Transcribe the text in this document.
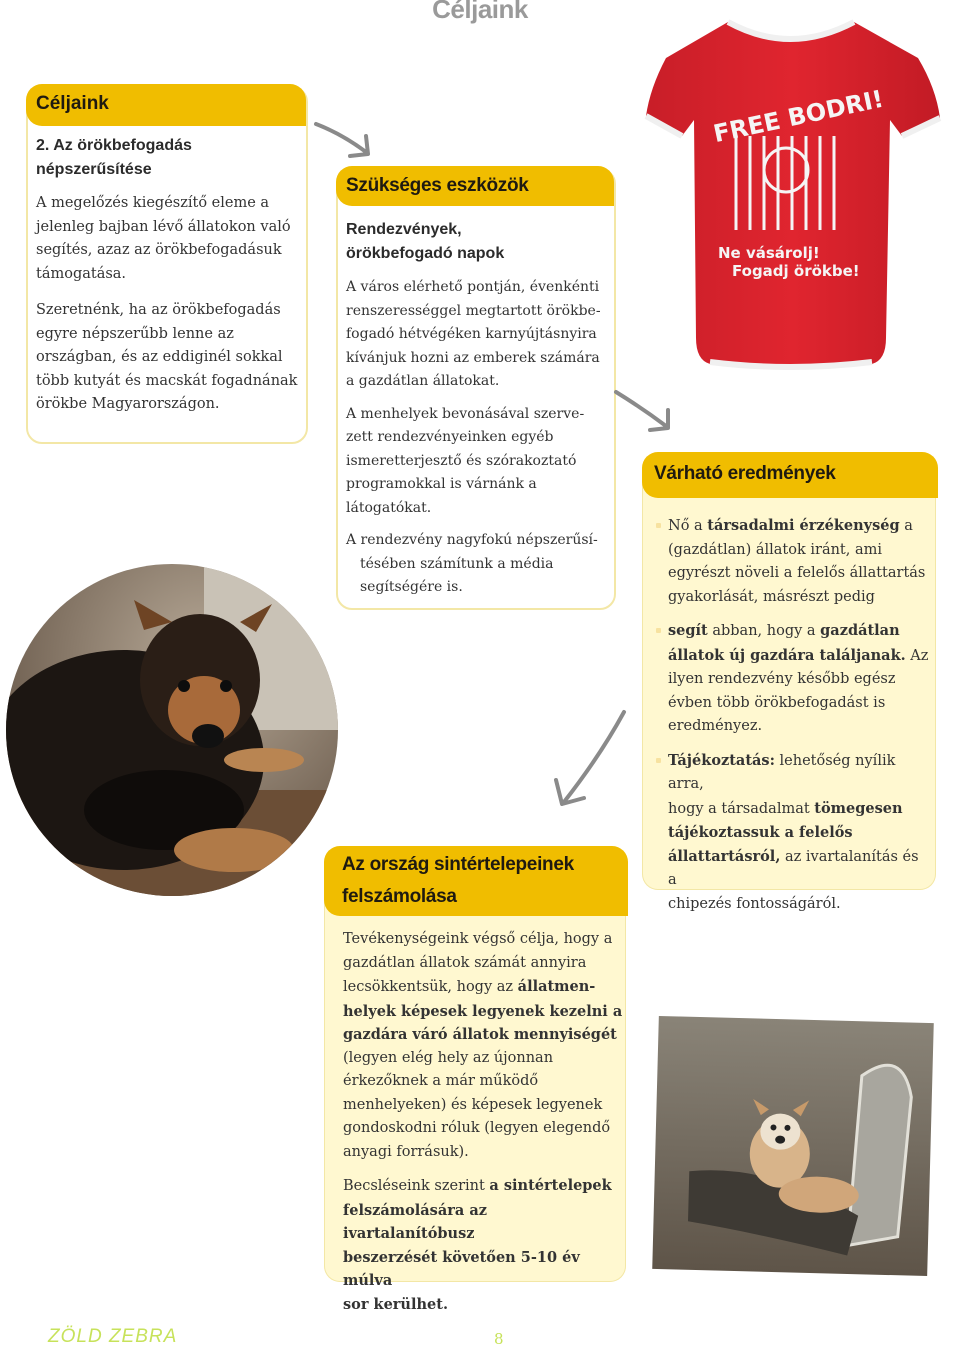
Céljaink
Céljaink
2. Az örökbefogadás
népszerűsítése
A megelőzés kiegészítő eleme a
jelenleg bajban lévő állatokon való
segítés, azaz az örökbefogadásuk
támogatása.
Szeretnénk, ha az örökbefogadás
egyre népszerűbb lenne az
országban, és az eddiginél sokkal
több kutyát és macskát fogadnának
örökbe Magyarországon.
Szükséges eszközök
Rendezvények,
örökbefogadó napok
A város elérhető pontján, évenkénti
renszerességgel megtartott örökbe-
fogadó hétvégéken karnyújtásnyira
kívánjuk hozni az emberek számára
a gazdátlan állatokat.
A menhelyek bevonásával szerve-
zett rendezvényeinken egyéb
ismeretterjesztő és szórakoztató
programokkal is várnánk a
látogatókat.
A rendezvény nagyfokú népszerűsí-
tésében számítunk a média
segítségére is.
FREE BODRI!
Ne vásárolj!
Fogadj örökbe!
Várható eredmények
Nő a társadalmi érzékenység a
(gazdátlan) állatok iránt, ami
egyrészt növeli a felelős állattartás
gyakorlását, másrészt pedig
segít abban, hogy a gazdátlan
állatok új gazdára találjanak. Az
ilyen rendezvény később egész
évben több örökbefogadást is
eredményez.
Tájékoztatás: lehetőség nyílik arra,
hogy a társadalmat tömegesen
tájékoztassuk a felelős
állattartásról, az ivartalanítás és a
chipezés fontosságáról.
Az ország sintértelepeinek
felszámolása
Tevékenységeink végső célja, hogy a
gazdátlan állatok számát annyira
lecsökkentsük, hogy az állatmen-
helyek képesek legyenek kezelni a
gazdára váró állatok mennyiségét
(legyen elég hely az újonnan
érkezőknek a már működő
menhelyeken) és képesek legyenek
gondoskodni róluk (legyen elegendő
anyagi forrásuk).
Becsléseink szerint a sintértelepek
felszámolására az ivartalanítóbusz
beszerzését követően 5-10 év múlva
sor kerülhet.
ZÖLD ZEBRA	8
